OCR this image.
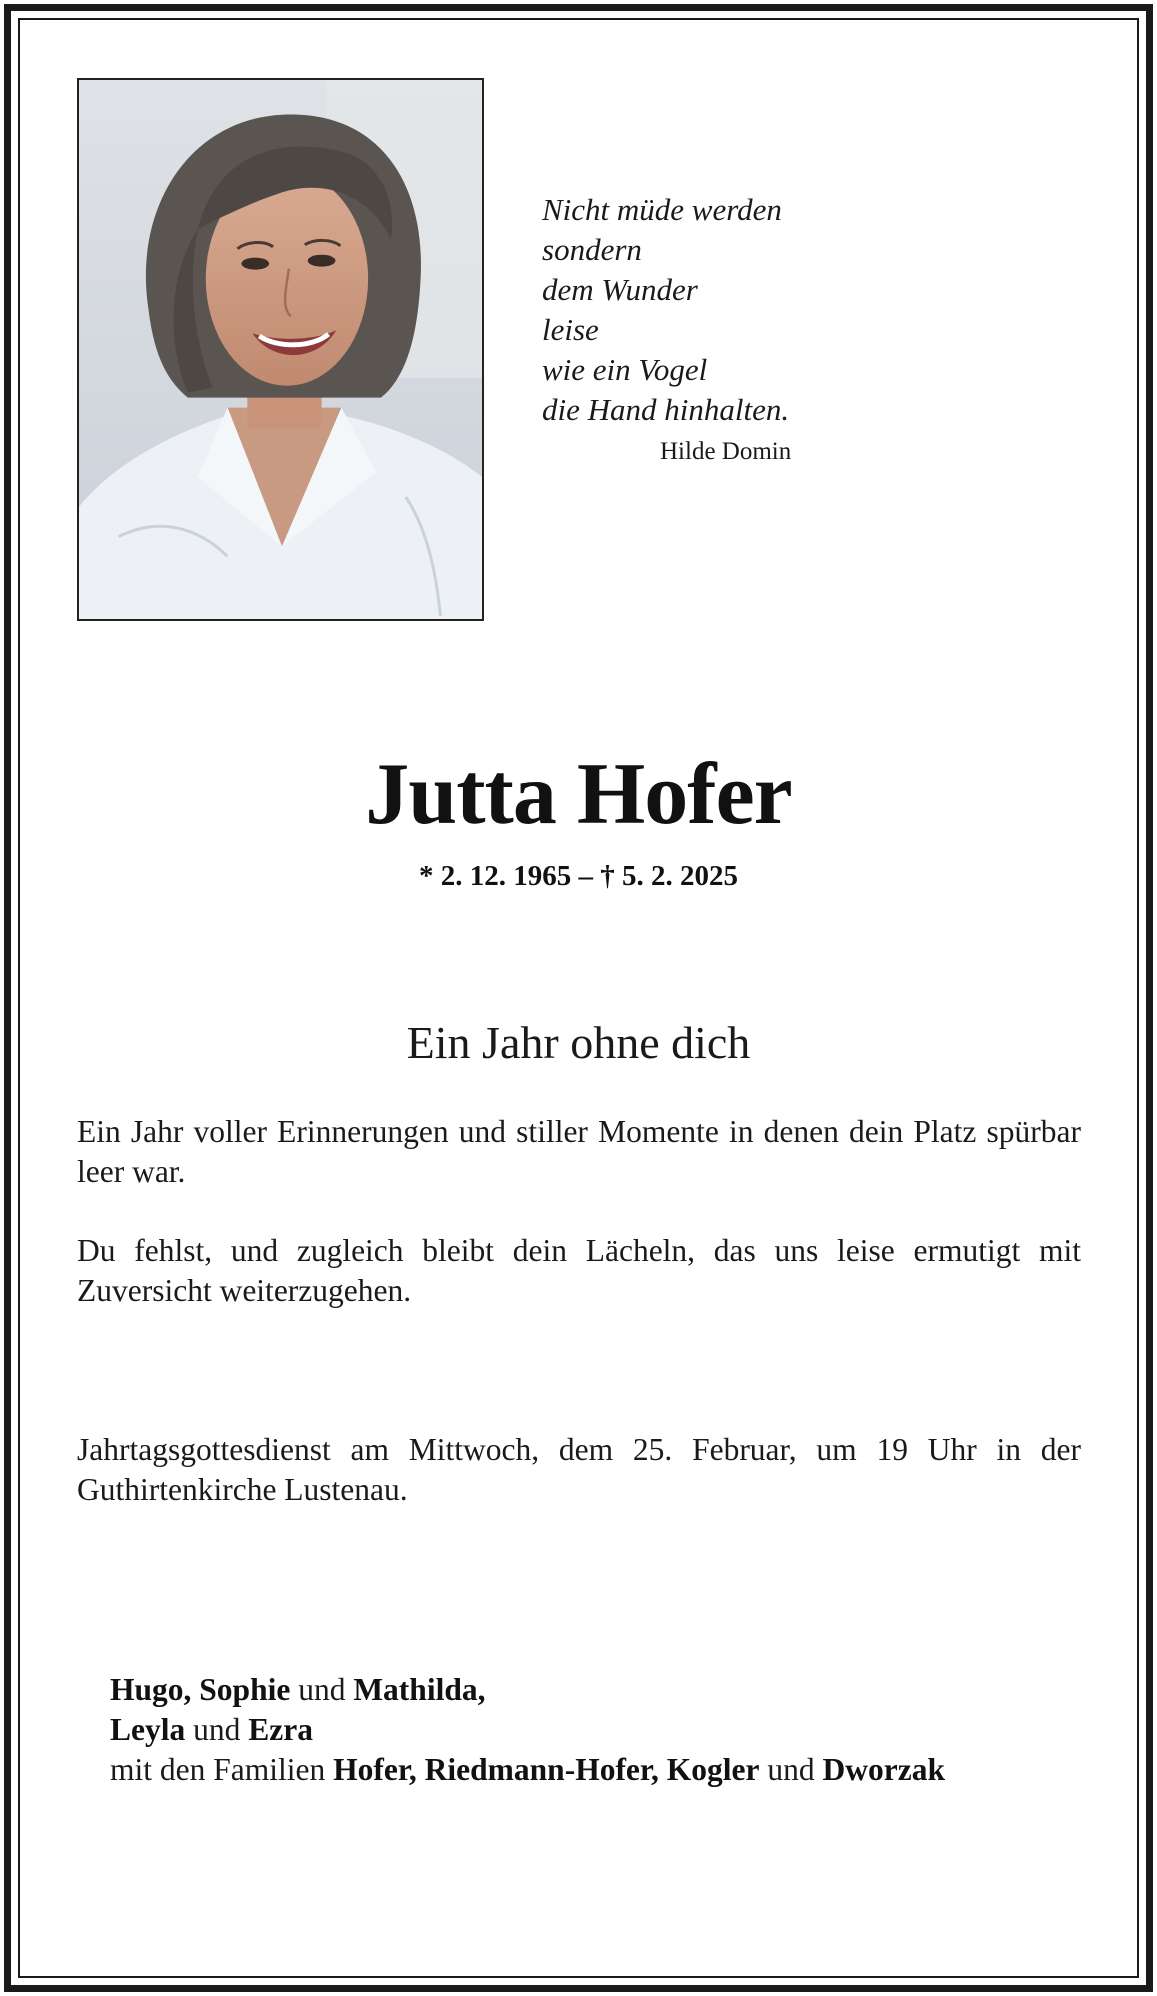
Nicht müde werden
sondern
dem Wunder
leise
wie ein Vogel
die Hand hinhalten.
Hilde Domin
Jutta Hofer
* 2. 12. 1965 – † 5. 2. 2025
Ein Jahr ohne dich
Ein Jahr voller Erinnerungen und stiller Momente in denen dein Platz spürbar leer war.
Du fehlst, und zugleich bleibt dein Lächeln, das uns leise ermutigt mit Zuversicht weiterzugehen.
Jahrtagsgottesdienst am Mittwoch, dem 25. Februar, um 19 Uhr in der Guthirtenkirche Lustenau.
Hugo, Sophie und Mathilda,
Leyla und Ezra
mit den Familien Hofer, Riedmann-Hofer, Kogler und Dworzak
